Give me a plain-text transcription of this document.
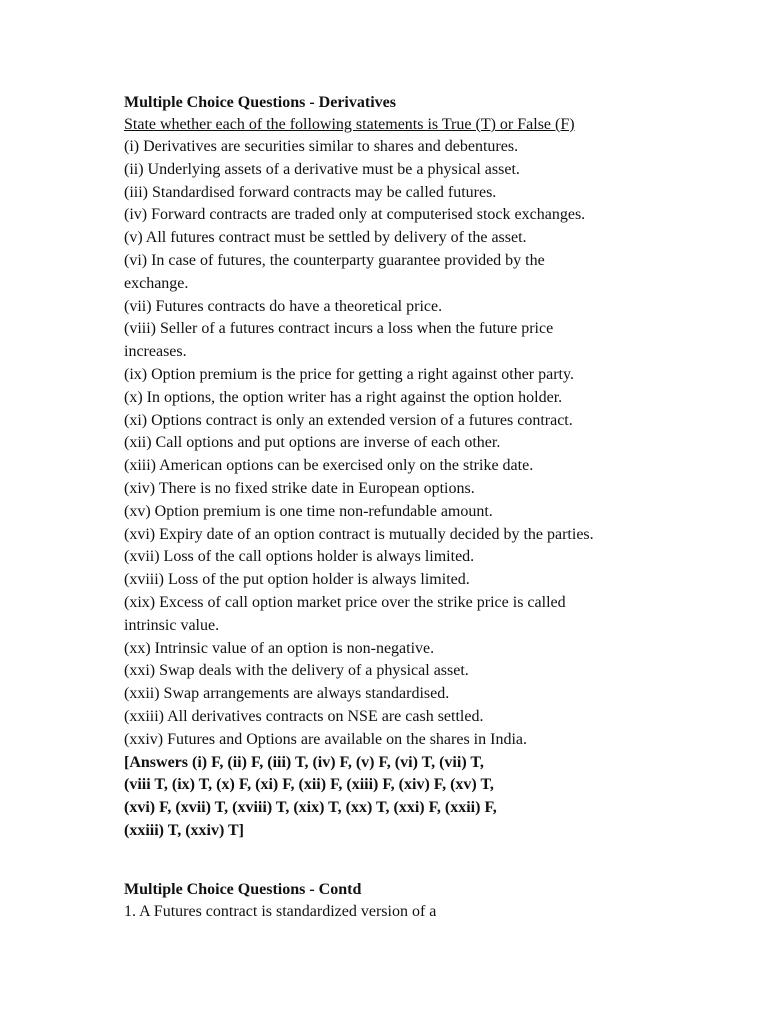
Multiple Choice Questions - Derivatives
State whether each of the following statements is True (T) or False (F)
(i) Derivatives are securities similar to shares and debentures.
(ii) Underlying assets of a derivative must be a physical asset.
(iii) Standardised forward contracts may be called futures.
(iv) Forward contracts are traded only at computerised stock exchanges.
(v) All futures contract must be settled by delivery of the asset.
(vi) In case of futures, the counterparty guarantee provided by the
exchange.
(vii) Futures contracts do have a theoretical price.
(viii) Seller of a futures contract incurs a loss when the future price
increases.
(ix) Option premium is the price for getting a right against other party.
(x) In options, the option writer has a right against the option holder.
(xi) Options contract is only an extended version of a futures contract.
(xii) Call options and put options are inverse of each other.
(xiii) American options can be exercised only on the strike date.
(xiv) There is no fixed strike date in European options.
(xv) Option premium is one time non-refundable amount.
(xvi) Expiry date of an option contract is mutually decided by the parties.
(xvii) Loss of the call options holder is always limited.
(xviii) Loss of the put option holder is always limited.
(xix) Excess of call option market price over the strike price is called
intrinsic value.
(xx) Intrinsic value of an option is non-negative.
(xxi) Swap deals with the delivery of a physical asset.
(xxii) Swap arrangements are always standardised.
(xxiii) All derivatives contracts on NSE are cash settled.
(xxiv) Futures and Options are available on the shares in India.
[Answers (i) F, (ii) F, (iii) T, (iv) F, (v) F, (vi) T, (vii) T,
(viii T, (ix) T, (x) F, (xi) F, (xii) F, (xiii) F, (xiv) F, (xv) T,
(xvi) F, (xvii) T, (xviii) T, (xix) T, (xx) T, (xxi) F, (xxii) F,
(xxiii) T, (xxiv) T]
Multiple Choice Questions - Contd
1. A Futures contract is standardized version of a
